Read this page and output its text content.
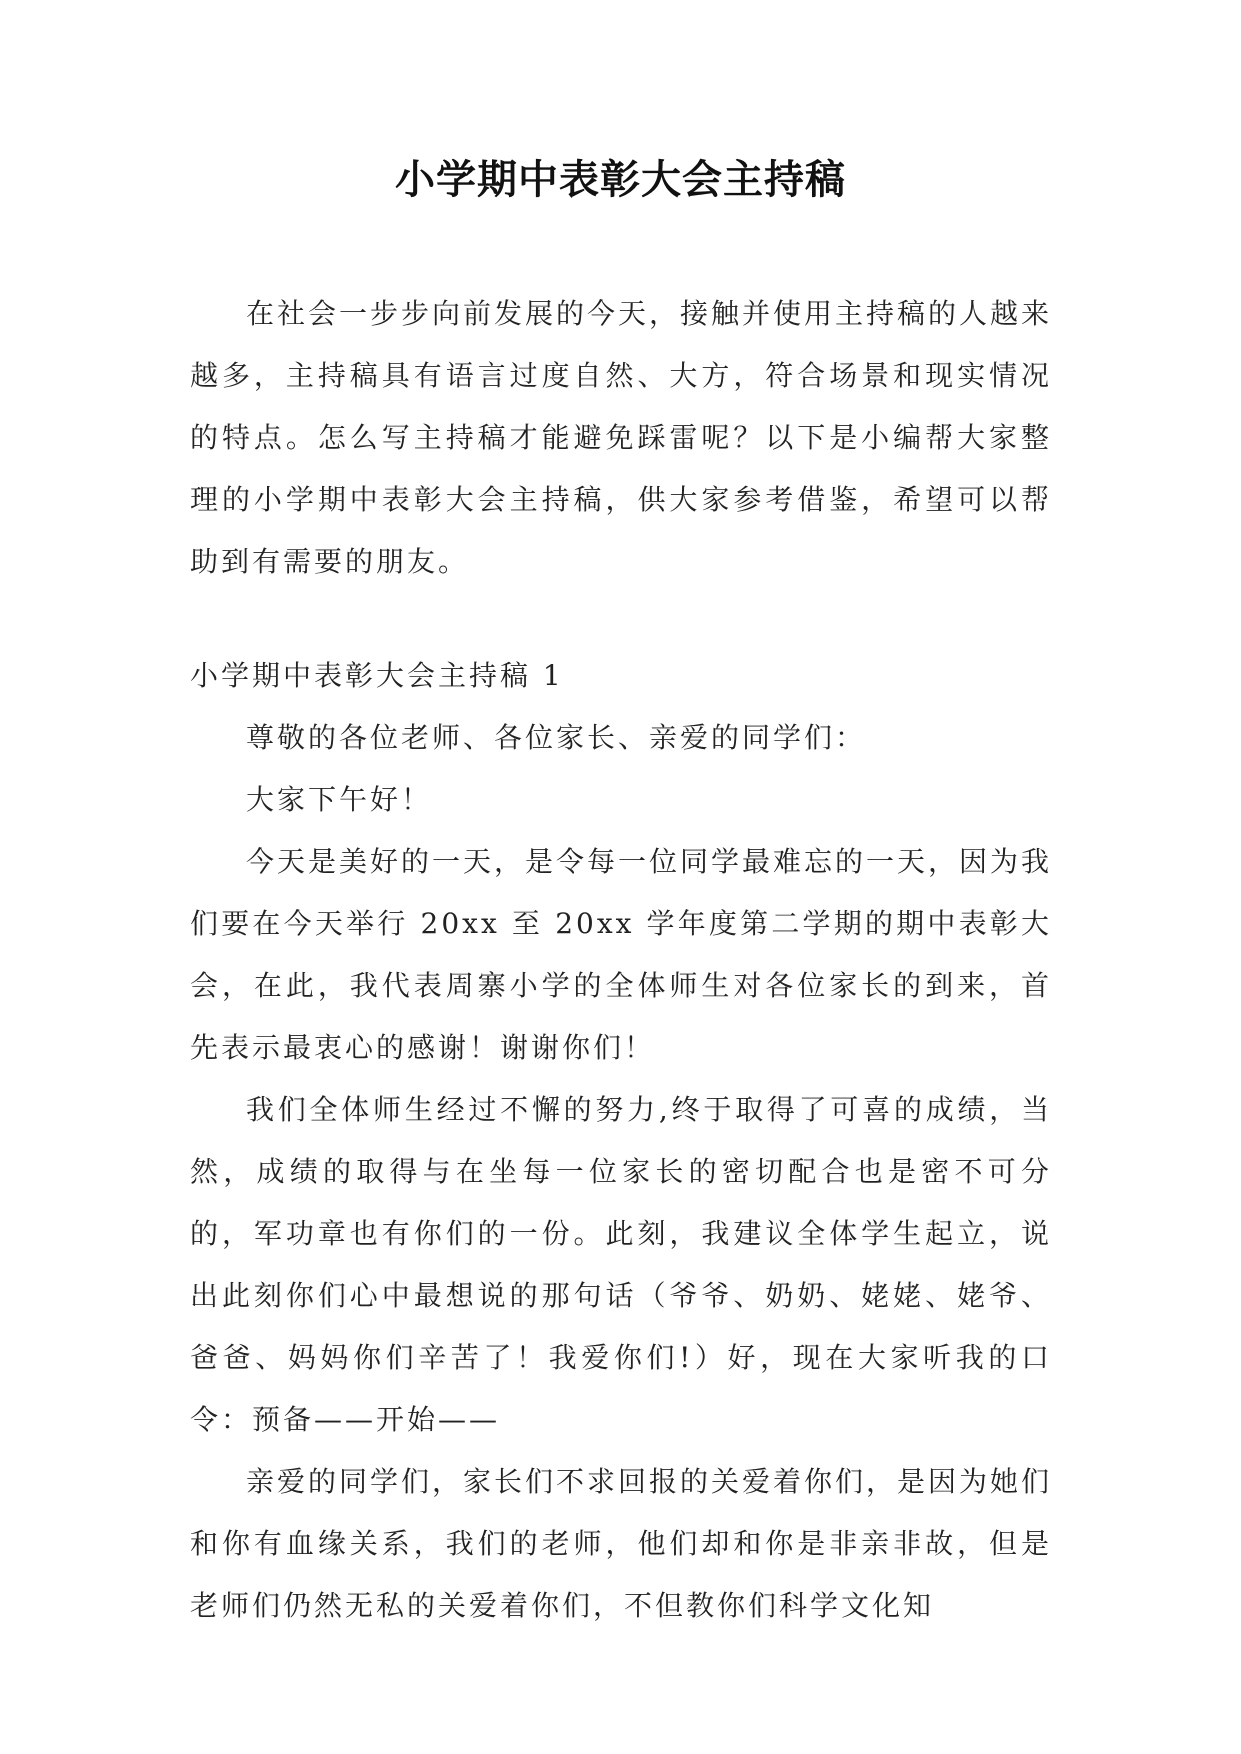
小学期中表彰大会主持稿

在社会一步步向前发展的今天，接触并使用主持稿的人越来越多，主持稿具有语言过度自然、大方，符合场景和现实情况的特点。怎么写主持稿才能避免踩雷呢？以下是小编帮大家整理的小学期中表彰大会主持稿，供大家参考借鉴，希望可以帮助到有需要的朋友。

小学期中表彰大会主持稿 1

尊敬的各位老师、各位家长、亲爱的同学们：

大家下午好！

今天是美好的一天，是令每一位同学最难忘的一天，因为我们要在今天举行 20xx 至 20xx 学年度第二学期的期中表彰大会，在此，我代表周寨小学的全体师生对各位家长的到来，首先表示最衷心的感谢！谢谢你们！

我们全体师生经过不懈的努力,终于取得了可喜的成绩，当然，成绩的取得与在坐每一位家长的密切配合也是密不可分的，军功章也有你们的一份。此刻，我建议全体学生起立，说出此刻你们心中最想说的那句话（爷爷、奶奶、姥姥、姥爷、爸爸、妈妈你们辛苦了！我爱你们!）好，现在大家听我的口令：预备——开始——

亲爱的同学们，家长们不求回报的关爱着你们，是因为她们和你有血缘关系，我们的老师，他们却和你是非亲非故，但是老师们仍然无私的关爱着你们，不但教你们科学文化知
